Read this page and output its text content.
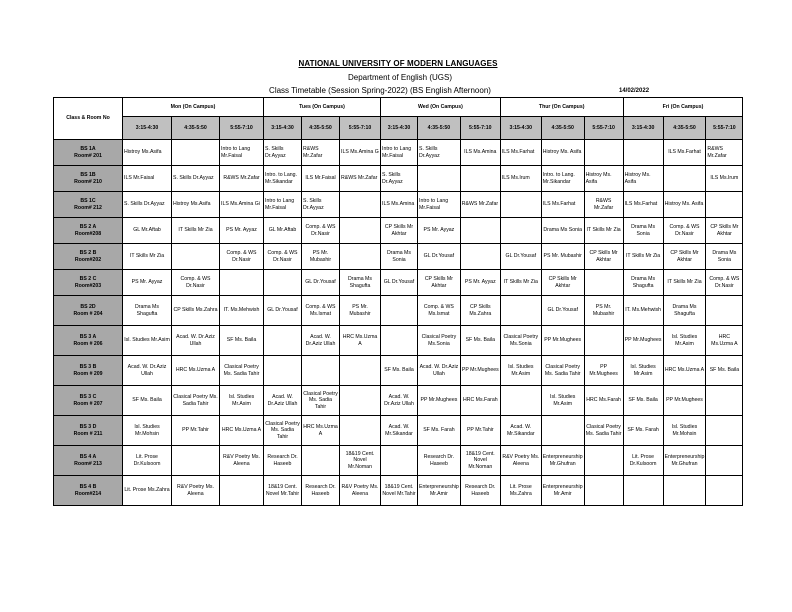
NATIONAL UNIVERSITY OF MODERN LANGUAGES
Department of English (UGS)
Class Timetable (Session Spring-2022) (BS English Afternoon)	14/02/2022
Class & Room No	Mon (On Campus)			Tues (On Campus)			Wed (On Campus)			Thur (On Campus)			Fri (On Campus)		
	3:15-4:30	4:35-5:50	5:55-7:10	3:15-4:30	4:35-5:50	5:55-7:10	3:15-4:30	4:35-5:50	5:55-7:10	3:15-4:30	4:35-5:50	5:55-7:10	3:15-4:30	4:35-5:50	5:55-7:10

BS 1A
Room# 201	Histroy Ms.Asifa		Intro to Lang Mr.Faisal	S. Skills Dr.Ayyaz	R&WS Mr.Zafar	ILS Ms.Amina G	Intro to Lang Mr.Faisal	S. Skills Dr.Ayyaz	ILS Ms.Amina	ILS Ms.Farhat	Histroy Ms. Asifa			ILS Ms.Farhat	R&WS Mr.Zafar

BS 1B
Room# 210	ILS Mr.Faisal	S. Skills Dr.Ayyaz	R&WS Mr.Zafar	Intro. to Lang. Mr.Sikandar	ILS Mr.Faisal	R&WS Mr.Zafar	S. Skills Dr.Ayyaz			ILS Ms.Irum	Intro. to Lang. Mr.Sikandar	Histroy Ms. Asifa	Histroy Ms. Asifa		ILS Ms.Irum

BS 1C
Room# 212	S. Skills Dr.Ayyaz	Histroy Ms.Asifa	ILS Ms.Amina Gi	Intro to Lang Mr.Faisal	S. Skills Dr.Ayyaz		ILS Ms.Amina	Intro to Lang Mr.Faisal	R&WS Mr.Zafar		ILS Ms.Farhat	R&WS Mr.Zafar	ILS Ms.Farhat	Histroy Ms. Asifa	

BS 2 A
Room#208	GL Mr.Aftab	IT Skills Mr Zia	PS Mr. Ayyaz	GL Mr.Aftab	Comp. & WS Dr.Nasir		CP Skills Mr Akhtar	PS Mr. Ayyaz			Drama Ms Sonia	IT Skills Mr Zia	Drama Ms Sonia	Comp. & WS Dr.Nasir	CP Skills Mr Akhtar

BS 2 B
Room#202	IT Skills Mr Zia		Comp. & WS Dr.Nasir	Comp. & WS Dr.Nasir	PS Mr. Mubashir		Drama Ms Sonia	GL Dr.Yousaf		GL Dr.Yousaf	PS Mr. Mubashir	CP Skills Mr Akhtar	IT Skills Mr Zia	CP Skills Mr Akhtar	Drama Ms Sonia

BS 2 C
Room#203	PS Mr. Ayyaz	Comp. & WS Dr.Nasir			GL Dr.Yousaf	Drama Ms Shagufta	GL Dr.Yousaf	CP Skills Mr Akhtar	PS Mr. Ayyaz	IT Skills Mr Zia	CP Skills Mr Akhtar		Drama Ms Shagufta	IT Skills Mr Zia	Comp. & WS Dr.Nasir

BS 2D
Room # 204	Drama Ms Shagufta	CP Skills Ms.Zahra	IT. Ms.Mehwish	GL Dr.Yousaf	Comp. & WS Ms.Ismat	PS Mr. Mubashir		Comp. & WS Ms.Ismat	CP Skills Ms.Zahra		GL Dr.Yousaf	PS Mr. Mubashir	IT. Ms.Mehwish	Drama Ms Shagufta	

BS 3 A
Room # 206	Isl. Studies Mr.Asim	Acad. W. Dr.Aziz Ullah	SF Ms. Baila		Acad. W. Dr.Aziz Ullah	HRC Ms.Uzma A		Clasical Poetry Ms.Sonia	SF Ms. Baila	Clasical Poetry Ms.Sonia	PP Mr.Mughees		PP Mr.Mughees	Isl. Studies Mr.Asim	HRC Ms.Uzma A

BS 3 B
Room # 209	Acad. W. Dr.Aziz Ullah	HRC Ms.Uzma A	Clasical Poetry Ms. Sadia Tahir				SF Ms. Baila	Acad. W. Dr.Aziz Ullah	PP Mr.Mughees	Isl. Studies Mr.Asim	Clasical Poetry Ms. Sadia Tahir	PP Mr.Mughees	Isl. Studies Mr.Asim	HRC Ms.Uzma A	SF Ms. Baila

BS 3 C
Room # 207	SF Ms. Baila	Clasical Poetry Ms. Sadia Tahir	Isl. Studies Mr.Asim	Acad. W. Dr.Aziz Ullah	Clasical Poetry Ms. Sadia Tahir		Acad. W. Dr.Aziz Ullah	PP Mr.Mughees	HRC Ms.Farah		Isl. Studies Mr.Asim	HRC Ms.Farah	SF Ms. Baila	PP Mr.Mughees	

BS 3 D
Room # 211	Isl. Studies Mr.Mohsin	PP Mr.Tahir	HRC Ms.Uzma A	Clasical Poetry Ms. Sadia Tahir	HRC Ms.Uzma A		Acad. W. Mr.Sikandar	SF Ms. Farah	PP Mr.Tahir	Acad. W. Mr.Sikandar		Clasical Poetry Ms. Sadia Tahir	SF Ms. Farah	Isl. Studies Mr.Mohsin	

BS 4 A
Room# 213	Lit. Prose Dr.Kulsoom		R&V Poetry Ms. Aleena	Research Dr. Haseeb		18&19 Cent. Novel Mr.Noman		Research Dr. Haseeb	18&19 Cent. Novel Mr.Noman	R&V Poetry Ms. Aleena	Enterpreneurship Mr.Ghufran		Lit. Prose Dr.Kulsoom	Enterpreneurship Mr.Ghufran	

BS 4 B
Room#214	Lit. Prose Ms.Zahra	R&V Poetry Ms. Aleena		18&19 Cent. Novel Mr.Tahir	Research Dr. Haseeb	R&V Poetry Ms. Aleena	18&19 Cent. Novel Mr.Tahir	Enterpreneurship Mr.Amir	Research Dr. Haseeb	Lit. Prose Ms.Zahra	Enterpreneurship Mr.Amir				
